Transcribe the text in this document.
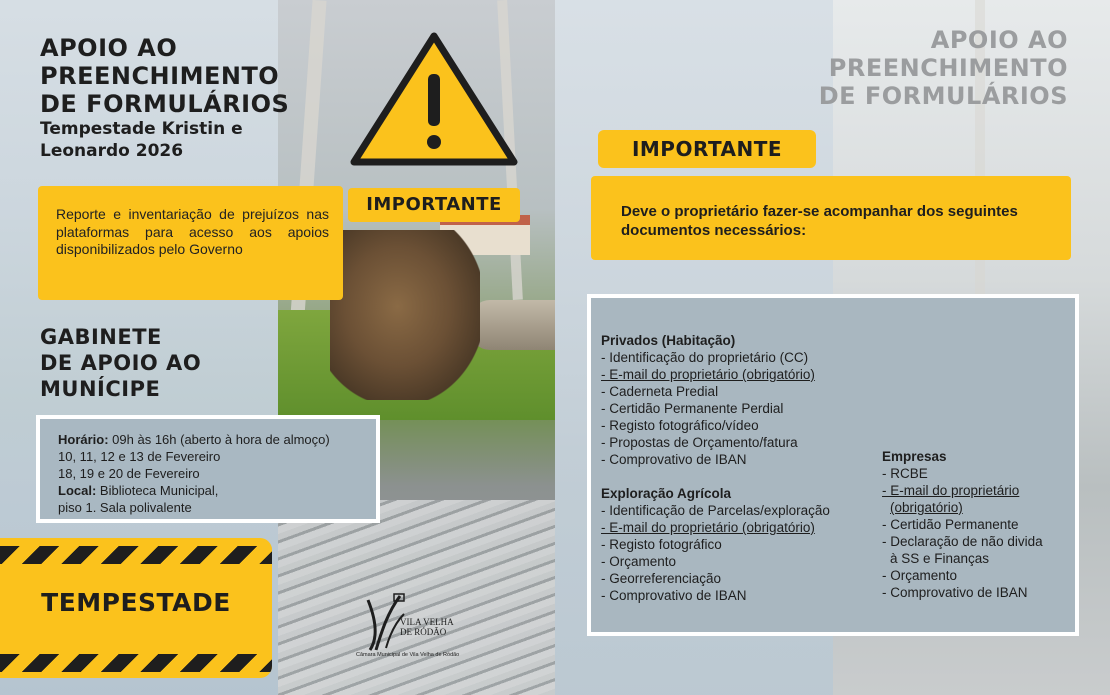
APOIO AO
PREENCHIMENTO
DE FORMULÁRIOS
Tempestade Kristin e
Leonardo 2026
IMPORTANTE

Reporte e inventariação de prejuízos nas plataformas para acesso aos apoios disponibilizados pelo Governo

GABINETE
DE APOIO AO
MUNÍCIPE
Horário: 09h às 16h (aberto à hora de almoço)
10, 11, 12 e 13 de Fevereiro
18, 19 e 20 de Fevereiro
Local: Biblioteca Municipal,
piso 1. Sala polivalente
TEMPESTADE
VILA VELHA
DE RÓDÃO
Câmara Municipal de Vila Velha de Ródão
APOIO AO
PREENCHIMENTO
DE FORMULÁRIOS
IMPORTANTE

Deve o proprietário fazer-se acompanhar dos seguintes documentos necessários:

Privados (Habitação)
- Identificação do proprietário (CC)
- E-mail do proprietário (obrigatório)
- Caderneta Predial
- Certidão Permanente Perdial
- Registo fotográfico/vídeo
- Propostas de Orçamento/fatura
- Comprovativo de IBAN
Exploração Agrícola
- Identificação de Parcelas/exploração
- E-mail do proprietário (obrigatório)
- Registo fotográfico
- Orçamento
- Georreferenciação
- Comprovativo de IBAN
Empresas
- RCBE
- E-mail do proprietário
(obrigatório)
- Certidão Permanente
- Declaração de não divida
à SS e Finanças
- Orçamento
- Comprovativo de IBAN
